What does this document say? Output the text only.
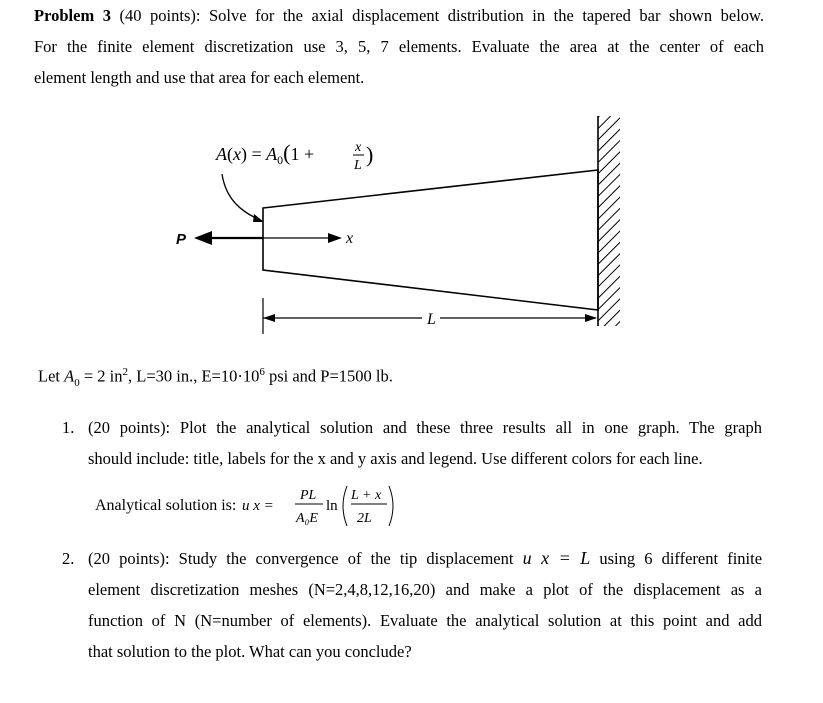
Problem 3 (40 points): Solve for the axial displacement distribution in the tapered bar shown below.
For the finite element discretization use 3, 5, 7 elements. Evaluate the area at the center of each
element length and use that area for each element.
$A(x) = A_0(1$ +	x
L )
P	x
L
Let $A_0 = 2$ $in^2$, L=30 in., $E=10\cdot 10^6$ psi and P=1500 lb.
1. (20 points): Plot the analytical solution and these three results all in one graph. The graph
should include: title, labels for the x and y axis and legend. Use different colors for each line.
Analytical solution is: u x =
PL
A₀E
ln
L + x
2L
2. (20 points): Study the convergence of the tip displacement u x = L using 6 different finite
element discretization meshes (N=2,4,8,12,16,20) and make a plot of the displacement as a
function of N (N=number of elements). Evaluate the analytical solution at this point and add
that solution to the plot. What can you conclude?
